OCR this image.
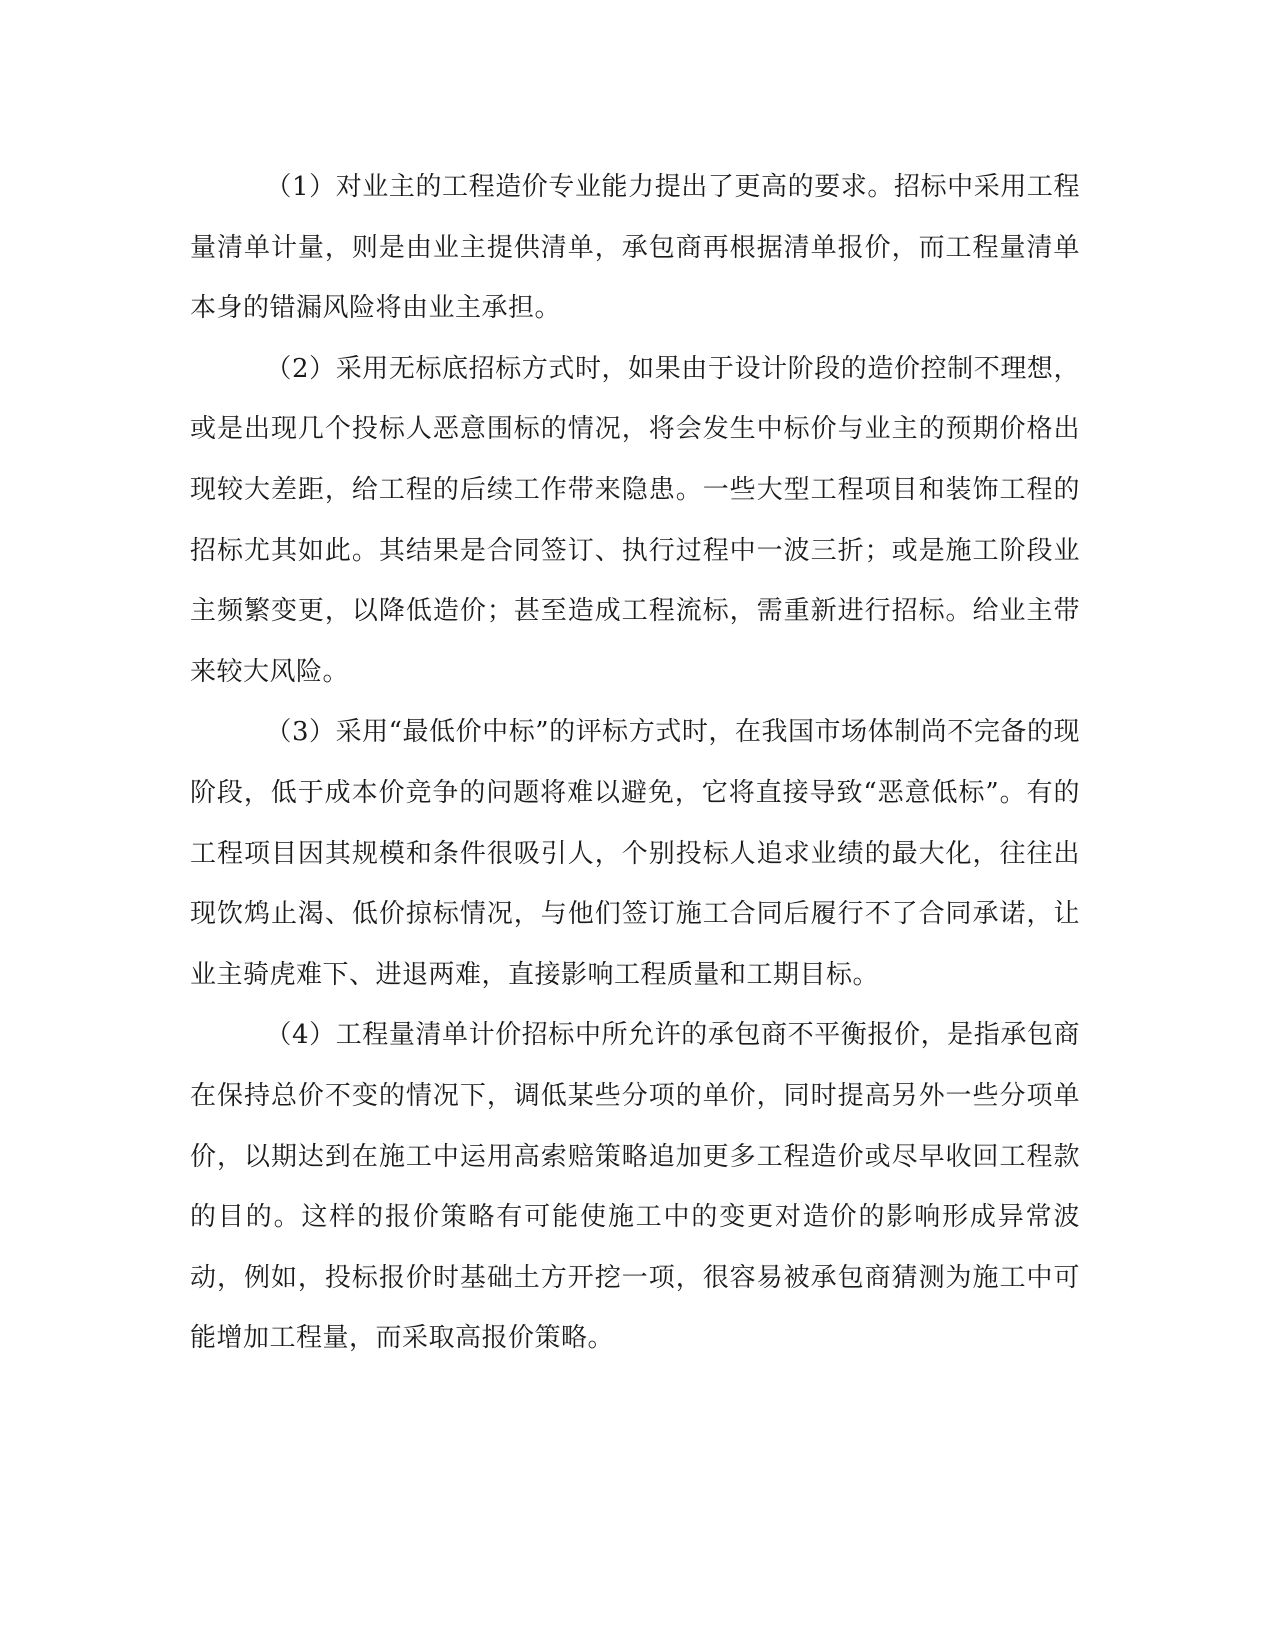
（1）对业主的工程造价专业能力提出了更高的要求。招标中采用工程量清单计量，则是由业主提供清单，承包商再根据清单报价，而工程量清单本身的错漏风险将由业主承担。

（2）采用无标底招标方式时，如果由于设计阶段的造价控制不理想，或是出现几个投标人恶意围标的情况，将会发生中标价与业主的预期价格出现较大差距，给工程的后续工作带来隐患。一些大型工程项目和装饰工程的招标尤其如此。其结果是合同签订、执行过程中一波三折；或是施工阶段业主频繁变更，以降低造价；甚至造成工程流标，需重新进行招标。给业主带来较大风险。

（3）采用“最低价中标”的评标方式时，在我国市场体制尚不完备的现阶段，低于成本价竞争的问题将难以避免，它将直接导致“恶意低标”。有的工程项目因其规模和条件很吸引人，个别投标人追求业绩的最大化，往往出现饮鸩止渴、低价掠标情况，与他们签订施工合同后履行不了合同承诺，让业主骑虎难下、进退两难，直接影响工程质量和工期目标。

（4）工程量清单计价招标中所允许的承包商不平衡报价，是指承包商在保持总价不变的情况下，调低某些分项的单价，同时提高另外一些分项单价，以期达到在施工中运用高索赔策略追加更多工程造价或尽早收回工程款的目的。这样的报价策略有可能使施工中的变更对造价的影响形成异常波动，例如，投标报价时基础土方开挖一项，很容易被承包商猜测为施工中可能增加工程量，而采取高报价策略。
